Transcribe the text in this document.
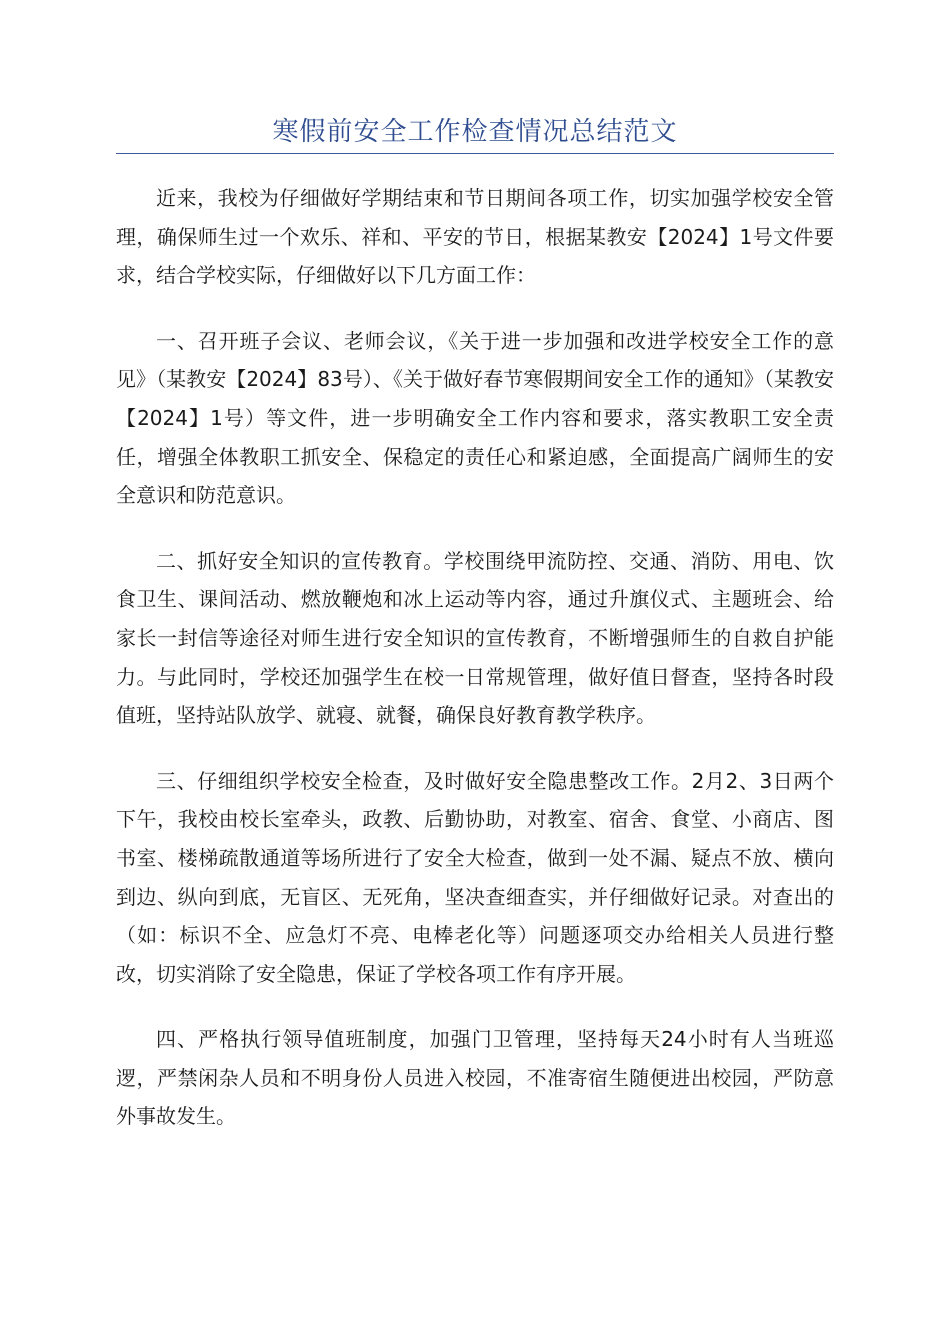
寒假前安全工作检查情况总结范文

近来，我校为仔细做好学期结束和节日期间各项工作，切实加强学校安全管理，确保师生过一个欢乐、祥和、平安的节日，根据某教安【2024】1号文件要求，结合学校实际，仔细做好以下几方面工作：

一、召开班子会议、老师会议，《关于进一步加强和改进学校安全工作的意见》（某教安【2024】83号）、《关于做好春节寒假期间安全工作的通知》（某教安【2024】1号）等文件，进一步明确安全工作内容和要求，落实教职工安全责任，增强全体教职工抓安全、保稳定的责任心和紧迫感，全面提高广阔师生的安全意识和防范意识。

二、抓好安全知识的宣传教育。学校围绕甲流防控、交通、消防、用电、饮食卫生、课间活动、燃放鞭炮和冰上运动等内容，通过升旗仪式、主题班会、给家长一封信等途径对师生进行安全知识的宣传教育，不断增强师生的自救自护能力。与此同时，学校还加强学生在校一日常规管理，做好值日督查，坚持各时段值班，坚持站队放学、就寝、就餐，确保良好教育教学秩序。

三、仔细组织学校安全检查，及时做好安全隐患整改工作。2月2、3日两个下午，我校由校长室牵头，政教、后勤协助，对教室、宿舍、食堂、小商店、图书室、楼梯疏散通道等场所进行了安全大检查，做到一处不漏、疑点不放、横向到边、纵向到底，无盲区、无死角，坚决查细查实，并仔细做好记录。对查出的（如：标识不全、应急灯不亮、电棒老化等）问题逐项交办给相关人员进行整改，切实消除了安全隐患，保证了学校各项工作有序开展。

四、严格执行领导值班制度，加强门卫管理，坚持每天24小时有人当班巡逻，严禁闲杂人员和不明身份人员进入校园，不准寄宿生随便进出校园，严防意外事故发生。
